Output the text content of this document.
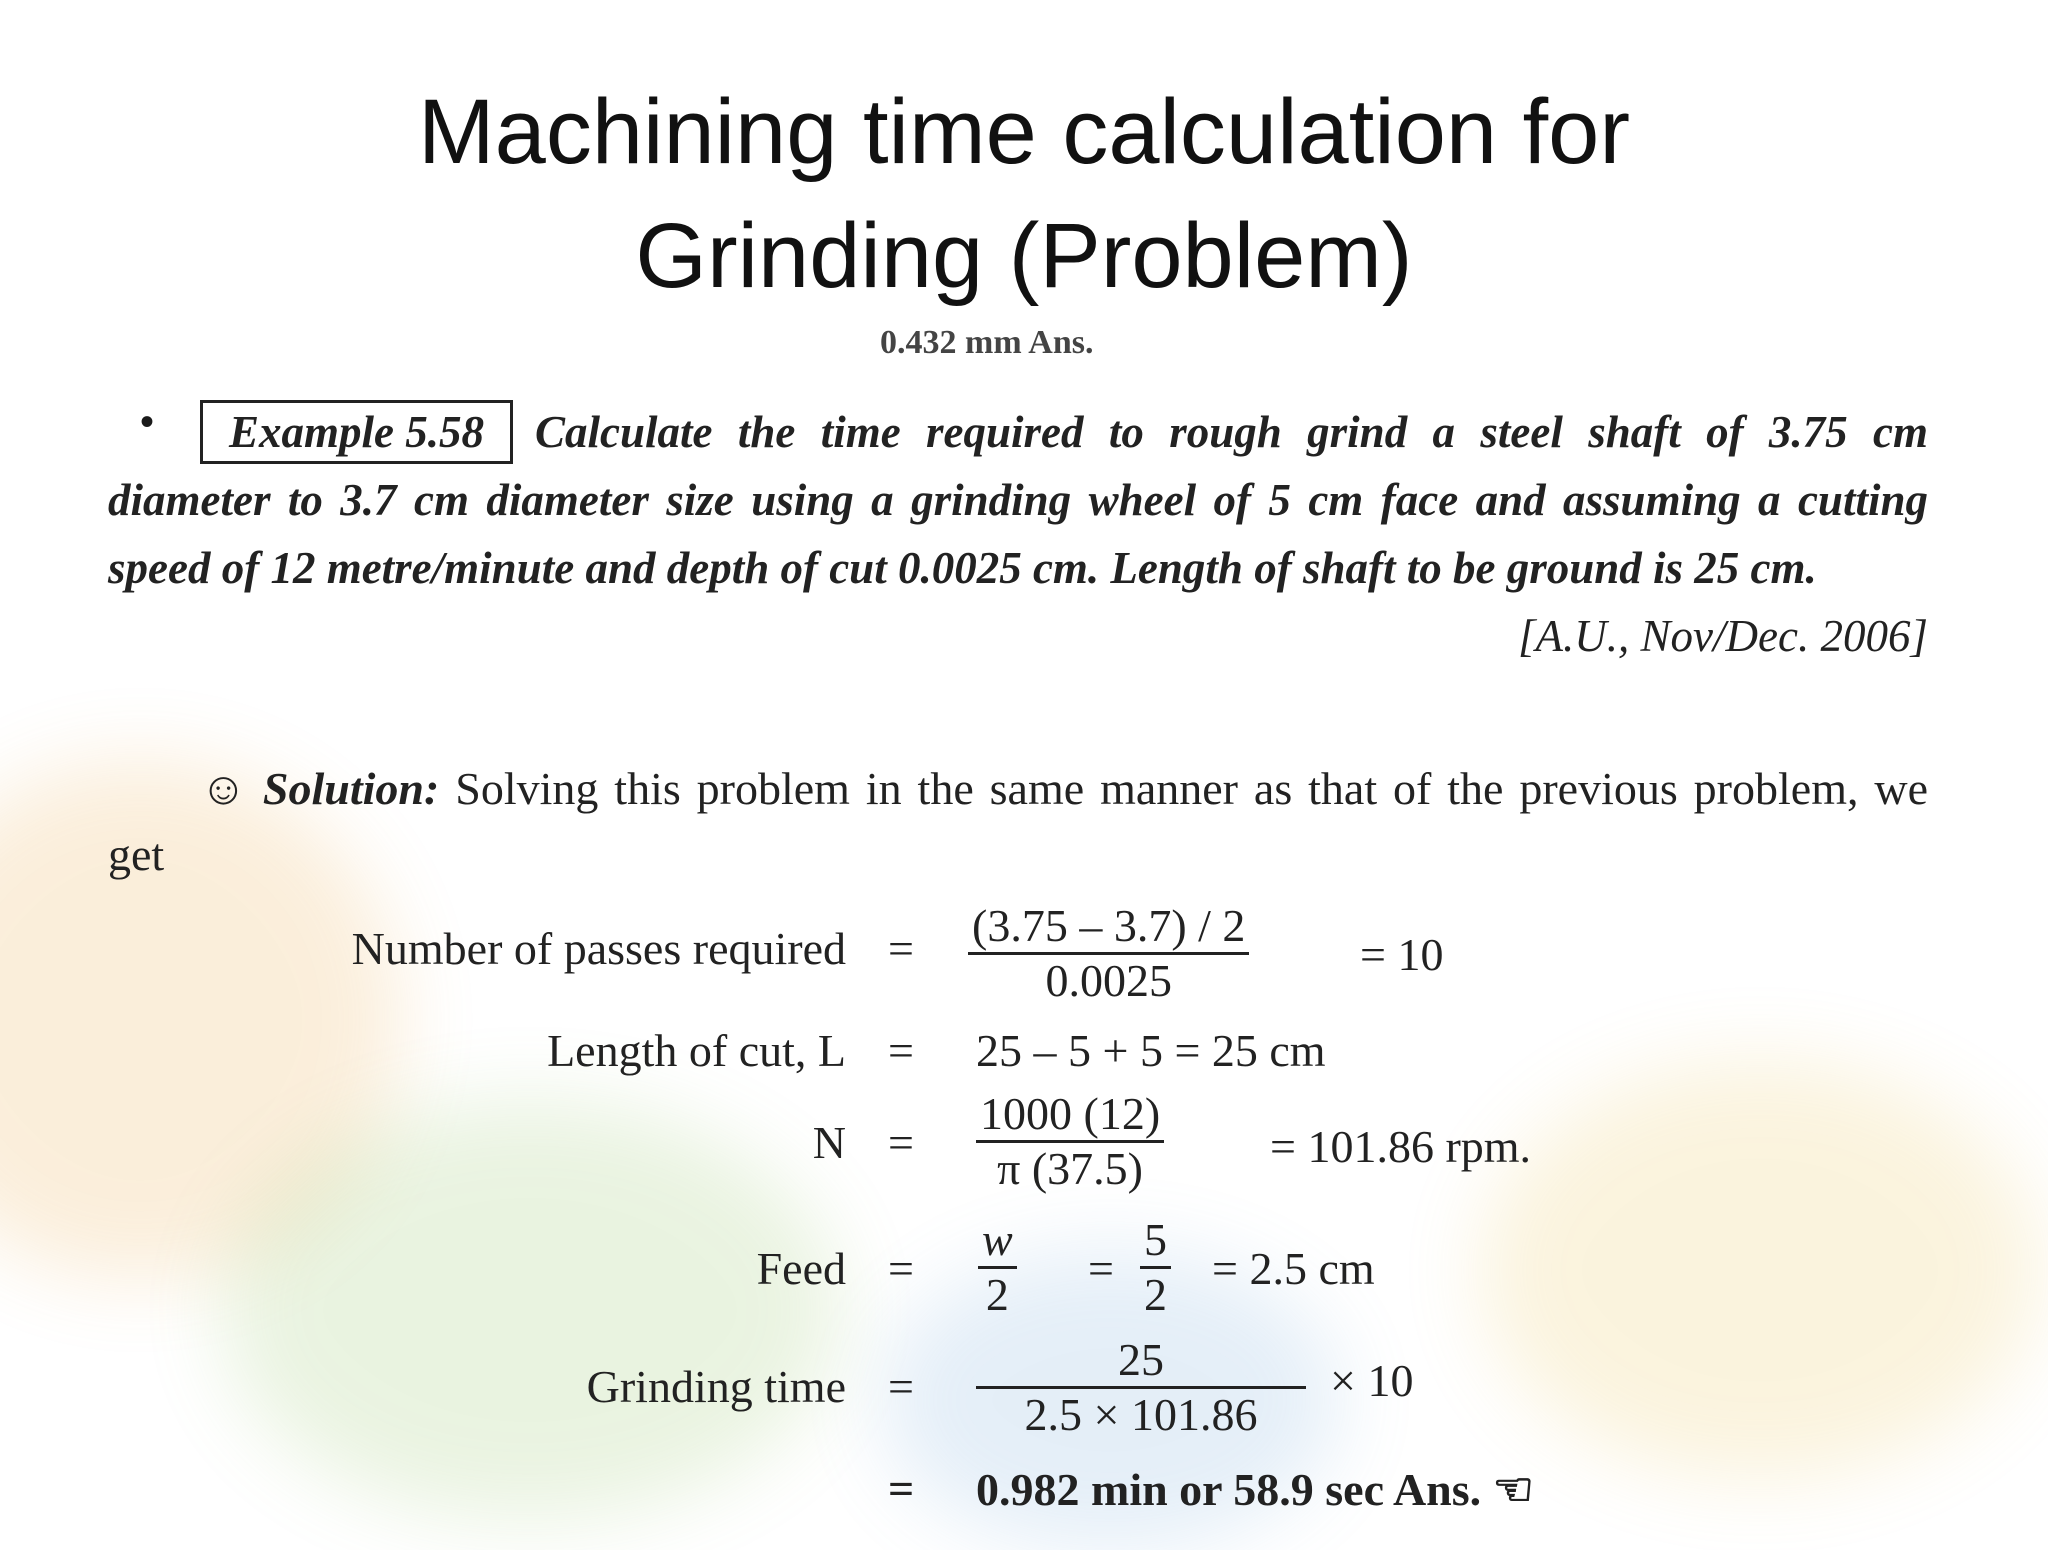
Machining time calculation for
Grinding (Problem)
0.432 mm Ans.
•	Example 5.58 Calculate the time required to rough grind a steel shaft of 3.75 cm diameter to 3.7 cm diameter size using a grinding wheel of 5 cm face and assuming a cutting speed of 12 metre/minute and depth of cut 0.0025 cm. Length of shaft to be ground is 25 cm.
[A.U., Nov/Dec. 2006]
☺ Solution: Solving this problem in the same manner as that of the previous problem, we get
Number of passes required = $\frac{(3.75 - 3.7) / 2}{0.0025} = 10$
Length of cut, L = 25 – 5 + 5 = 25 cm
$N = \frac{1000 (12)}{\pi (37.5)} = 101.86$ rpm.
Feed = $\frac{w}{2} = \frac{5}{2} = 2.5$ cm
Grinding time = $\frac{25}{2.5 \times 101.86} \times 10$
= 0.982 min or 58.9 sec Ans. ☜
